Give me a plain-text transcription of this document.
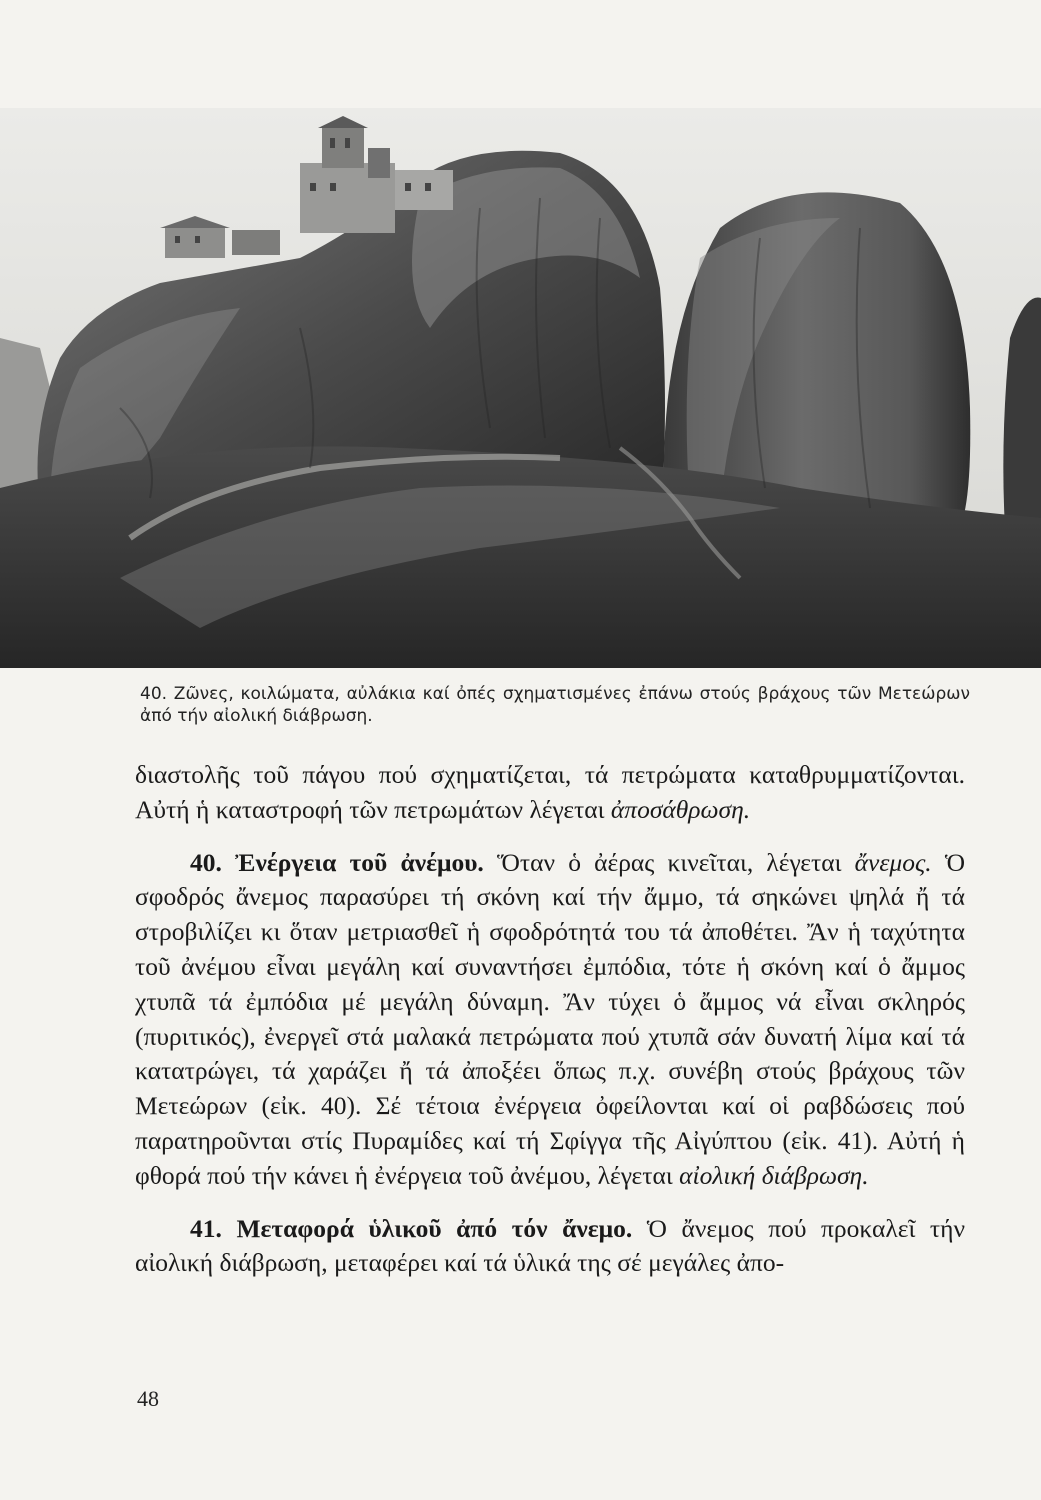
40. Ζῶνες, κοιλώματα, αὐλάκια καί ὀπές σχηματισμένες ἐπάνω στούς βράχους τῶν Μετεώρων ἀπό τήν αἰολική διάβρωση.

διαστολῆς τοῦ πάγου πού σχηματίζεται, τά πετρώματα καταθρυμματίζονται. Αὐτή ἡ καταστροφή τῶν πετρωμάτων λέγεται ἀποσάθρωση.

40. Ἐνέργεια τοῦ ἀνέμου. Ὅταν ὁ ἀέρας κινεῖται, λέγεται ἄνεμος. Ὁ σφοδρός ἄνεμος παρασύρει τή σκόνη καί τήν ἄμμο, τά σηκώνει ψηλά ἤ τά στροβιλίζει κι ὅταν μετριασθεῖ ἡ σφοδρότητά του τά ἀποθέτει. Ἄν ἡ ταχύτητα τοῦ ἀνέμου εἶναι μεγάλη καί συναντήσει ἐμπόδια, τότε ἡ σκόνη καί ὁ ἄμμος χτυπᾶ τά ἐμπόδια μέ μεγάλη δύναμη. Ἄν τύχει ὁ ἄμμος νά εἶναι σκληρός (πυριτικός), ἐνεργεῖ στά μαλακά πετρώματα πού χτυπᾶ σάν δυνατή λίμα καί τά κατατρώγει, τά χαράζει ἤ τά ἀποξέει ὅπως π.χ. συνέβη στούς βράχους τῶν Μετεώρων (εἰκ. 40). Σέ τέτοια ἐνέργεια ὀφείλονται καί οἱ ραβδώσεις πού παρατηροῦνται στίς Πυραμίδες καί τή Σφίγγα τῆς Αἰγύπτου (εἰκ. 41). Αὐτή ἡ φθορά πού τήν κάνει ἡ ἐνέργεια τοῦ ἀνέμου, λέγεται αἰολική διάβρωση.

41. Μεταφορά ὑλικοῦ ἀπό τόν ἄνεμο. Ὁ ἄνεμος πού προκαλεῖ τήν αἰολική διάβρωση, μεταφέρει καί τά ὑλικά της σέ μεγάλες ἀπο-

48
